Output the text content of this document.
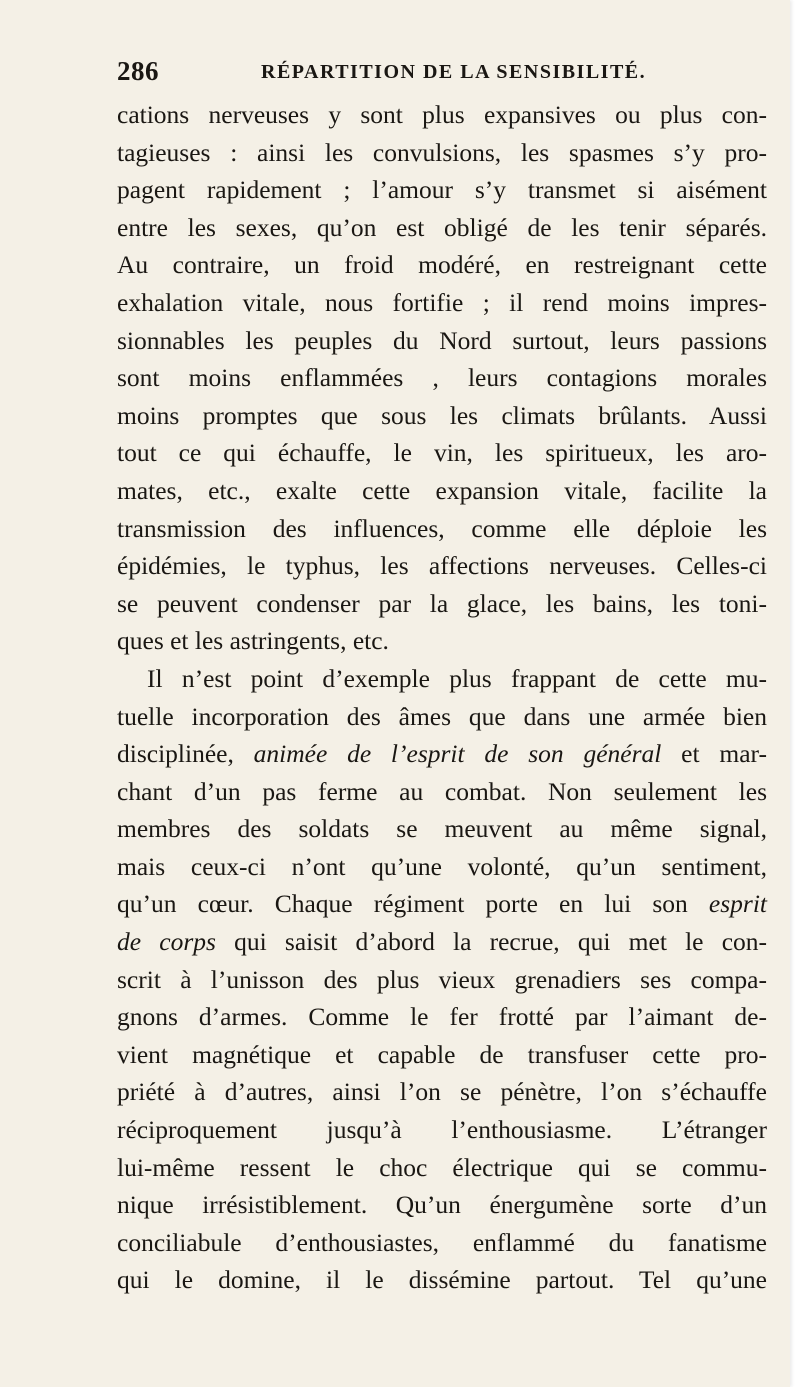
286	RÉPARTITION DE LA SENSIBILITÉ.
cations nerveuses y sont plus expansives ou plus con-
tagieuses : ainsi les convulsions, les spasmes s’y pro-
pagent rapidement ; l’amour s’y transmet si aisément
entre les sexes, qu’on est obligé de les tenir séparés.
Au contraire, un froid modéré, en restreignant cette
exhalation vitale, nous fortifie ; il rend moins impres-
sionnables les peuples du Nord surtout, leurs passions
sont moins enflammées , leurs contagions morales
moins promptes que sous les climats brûlants. Aussi
tout ce qui échauffe, le vin, les spiritueux, les aro-
mates, etc., exalte cette expansion vitale, facilite la
transmission des influences, comme elle déploie les
épidémies, le typhus, les affections nerveuses. Celles-ci
se peuvent condenser par la glace, les bains, les toni-
ques et les astringents, etc.
Il n’est point d’exemple plus frappant de cette mu-
tuelle incorporation des âmes que dans une armée bien
disciplinée, animée de l’esprit de son général et mar-
chant d’un pas ferme au combat. Non seulement les
membres des soldats se meuvent au même signal,
mais ceux-ci n’ont qu’une volonté, qu’un sentiment,
qu’un cœur. Chaque régiment porte en lui son esprit
de corps qui saisit d’abord la recrue, qui met le con-
scrit à l’unisson des plus vieux grenadiers ses compa-
gnons d’armes. Comme le fer frotté par l’aimant de-
vient magnétique et capable de transfuser cette pro-
priété à d’autres, ainsi l’on se pénètre, l’on s’échauffe
réciproquement jusqu’à l’enthousiasme. L’étranger
lui-même ressent le choc électrique qui se commu-
nique irrésistiblement. Qu’un énergumène sorte d’un
conciliabule d’enthousiastes, enflammé du fanatisme
qui le domine, il le dissémine partout. Tel qu’une
